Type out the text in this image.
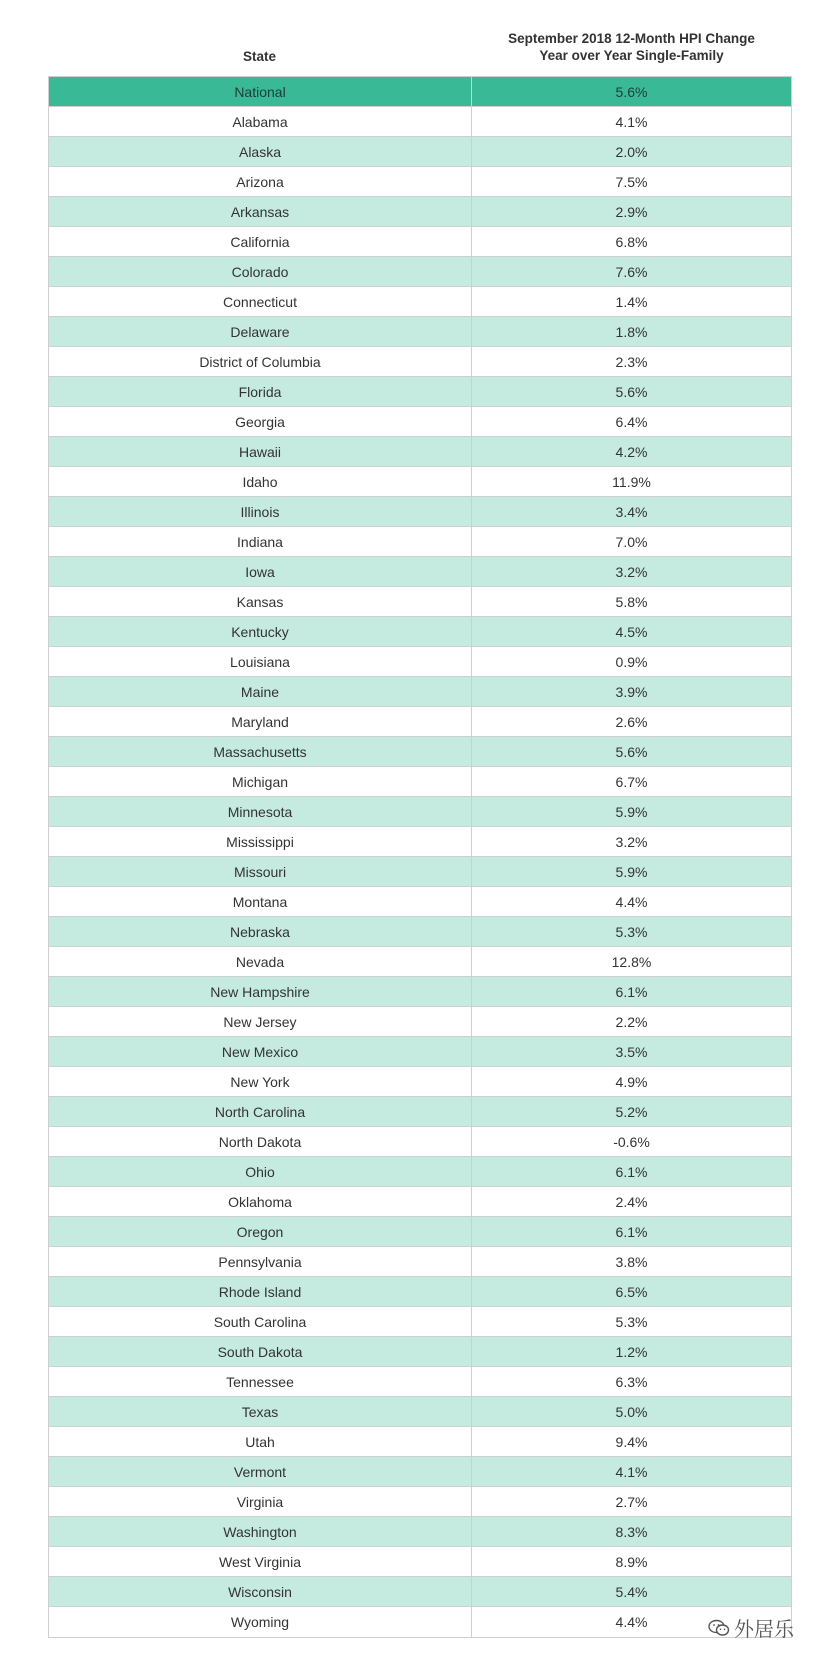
State
September 2018 12-Month HPI Change
Year over Year Single-Family
National	5.6%
Alabama	4.1%
Alaska	2.0%
Arizona	7.5%
Arkansas	2.9%
California	6.8%
Colorado	7.6%
Connecticut	1.4%
Delaware	1.8%
District of Columbia	2.3%
Florida	5.6%
Georgia	6.4%
Hawaii	4.2%
Idaho	11.9%
Illinois	3.4%
Indiana	7.0%
Iowa	3.2%
Kansas	5.8%
Kentucky	4.5%
Louisiana	0.9%
Maine	3.9%
Maryland	2.6%
Massachusetts	5.6%
Michigan	6.7%
Minnesota	5.9%
Mississippi	3.2%
Missouri	5.9%
Montana	4.4%
Nebraska	5.3%
Nevada	12.8%
New Hampshire	6.1%
New Jersey	2.2%
New Mexico	3.5%
New York	4.9%
North Carolina	5.2%
North Dakota	-0.6%
Ohio	6.1%
Oklahoma	2.4%
Oregon	6.1%
Pennsylvania	3.8%
Rhode Island	6.5%
South Carolina	5.3%
South Dakota	1.2%
Tennessee	6.3%
Texas	5.0%
Utah	9.4%
Vermont	4.1%
Virginia	2.7%
Washington	8.3%
West Virginia	8.9%
Wisconsin	5.4%
Wyoming	4.4%	外居乐
